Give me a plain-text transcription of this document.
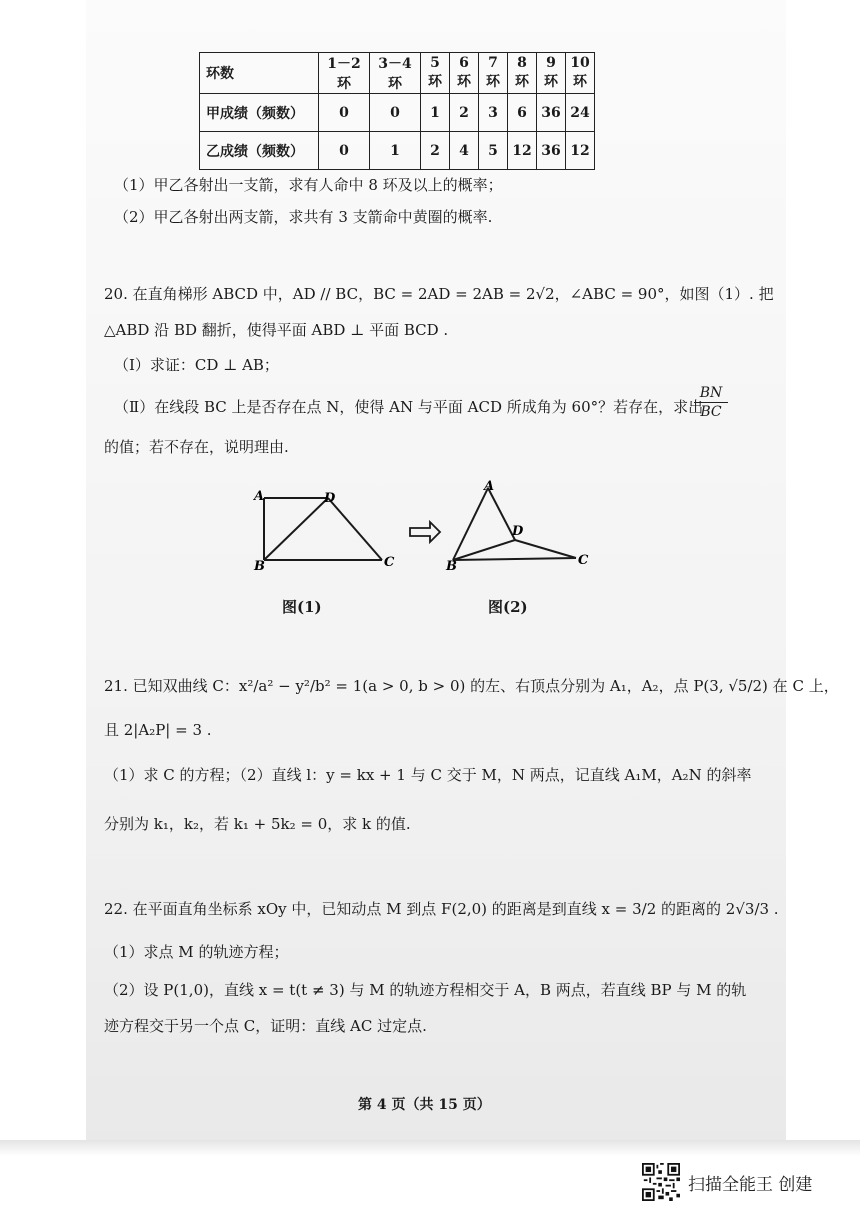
环数	1－2环	3－4环	5环	6环	7环	8环	9环	10环
甲成绩（频数）	0	0	1	2	3	6	36	24
乙成绩（频数）	0	1	2	4	5	12	36	12
（1）甲乙各射出一支箭，求有人命中 8 环及以上的概率；
（2）甲乙各射出两支箭，求共有 3 支箭命中黄圈的概率.
20. 在直角梯形 ABCD 中，AD // BC，BC = 2AD = 2AB = 2√2，∠ABC = 90°，如图（1）. 把
△ABD 沿 BD 翻折，使得平面 ABD ⊥ 平面 BCD .
（Ⅰ）求证：CD ⊥ AB；
（Ⅱ）在线段 BC 上是否存在点 N，使得 AN 与平面 ACD 所成角为 60°？若存在，求出
$\frac{BN}{BC}$
的值；若不存在，说明理由.
A	D
B	C
A
D
B	C
图(1)	图(2)
21. 已知双曲线 C：x²/a² − y²/b² = 1(a > 0, b > 0) 的左、右顶点分别为 A₁，A₂，点 P(3, √5/2) 在 C 上，
且 2|A₂P| = 3 .
（1）求 C 的方程；（2）直线 l：y = kx + 1 与 C 交于 M，N 两点，记直线 A₁M，A₂N 的斜率
分别为 k₁，k₂，若 k₁ + 5k₂ = 0，求 k 的值.
22. 在平面直角坐标系 xOy 中，已知动点 M 到点 F(2,0) 的距离是到直线 x = 3/2 的距离的 2√3/3 .
（1）求点 M 的轨迹方程；
（2）设 P(1,0)，直线 x = t(t ≠ 3) 与 M 的轨迹方程相交于 A，B 两点，若直线 BP 与 M 的轨
迹方程交于另一个点 C，证明：直线 AC 过定点.
第 4 页（共 15 页）
扫描全能王 创建
